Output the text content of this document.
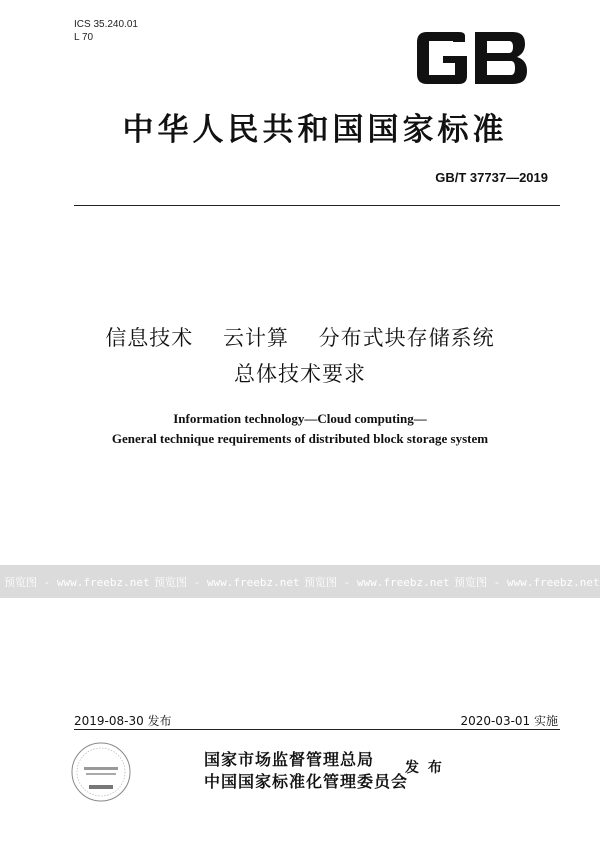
ICS 35.240.01
L 70
中华人民共和国国家标准
GB/T 37737—2019
信息技术　 云计算　 分布式块存储系统
总体技术要求
Information technology—Cloud computing—
General technique requirements of distributed block storage system
预览图 - www.freebz.net 预览图 - www.freebz.net 预览图 - www.freebz.net 预览图 - www.freebz.net
2019-08-30 发布	2020-03-01 实施
国家市场监督管理总局
中国国家标准化管理委员会
发 布
